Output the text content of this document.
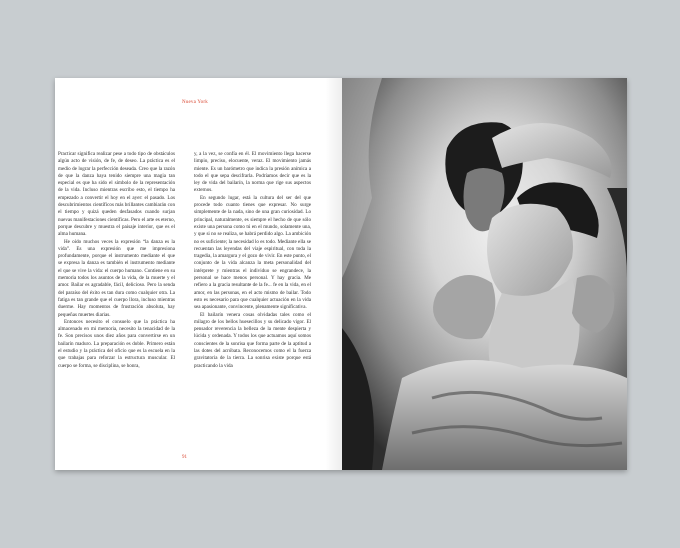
Nueva York

Practicar significa realizar pese a todo tipo de obstáculos algún acto de visión, de fe, de deseo. La práctica es el medio de lograr la perfección deseada. Creo que la razón de que la danza haya tenido siempre una magia tan especial es que ha sido el símbolo de la representación de la vida. Incluso mientras escribo esto, el tiempo ha empezado a convertir el hoy en el ayer: el pasado. Los descubrimientos científicos más brillantes cambiarán con el tiempo y quizá queden desfasados cuando surjan nuevas manifestaciones científicas. Pero el arte es eterno, porque descubre y muestra el paisaje interior, que es el alma humana.

He oído muchos veces la expresión “la danza es la vida”. Es una expresión que me impresiona profundamente, porque el instrumento mediante el que se expresa la danza es también el instrumento mediante el que se vive la vida: el cuerpo humano. Contiene en su memoria todos los asuntos de la vida, de la muerte y el amor. Bailar es agradable, fácil, delicioso. Pero la senda del paraíso del éxito es tan dura como cualquier otra. La fatiga es tan grande que el cuerpo llora, incluso mientras duerme. Hay momentos de frustración absoluta, hay pequeñas muertes diarias.

Entonces necesito el consuelo que la práctica ha almacenado en mi memoria, necesito la tenacidad de la fe. Son precisos unos diez años para convertirse en un bailarín maduro. La preparación es doble. Primero están el estudio y la práctica del oficio que es la escuela en la que trabajas para reforzar la estructura muscular. El cuerpo se forma, se disciplina, se honra,

y, a la vez, se confía en él. El movimiento llega hacerse limpio, preciso, elocuente, veraz. El movimiento jamás miente. Es un barómetro que indica la presión anímica a todo el que sepa descifrarla. Podríamos decir que es la ley de vida del bailarín, la norma que rige sus aspectos externos.

En segundo lugar, está la cultura del ser del que procede todo cuanto tienes que expresar. No surge simplemente de la nada, sino de una gran curiosidad. Lo principal, naturalmente, es siempre el hecho de que sólo existe una persona como tú en el mundo, solamente una, y que si no se realiza, se habrá perdido algo. La ambición no es suficiente; la necesidad lo es todo. Mediante ella se recuentan las leyendas del viaje espiritual, con toda la tragedia, la amargura y el gozo de vivir. En este punto, el conjunto de la vida alcanza la meta personalidad del intérprete y mientras el individuo se engrandece, la personal se hace menos personal. Y hay gracia. Me refiero a la gracia resultante de la fe... fe en la vida, en el amor, en las personas, en el acto mismo de bailar. Todo esto es necesario para que cualquier actuación en la vida sea apasionante, convincente, plenamente significativa.

El bailarín venera cosas olvidadas tales como el milagro de los bellos huesecillos y su delicado vigor. El pensador reverencia la belleza de la mente despierta y lúcida y ordenada. Y todos los que actuamos aquí somos conscientes de la sonrisa que forma parte de la aptitud a las dotes del acróbata. Reconocemos como el la fuerza gravitatoria de la tierra. La sonrisa existe porque está practicando la vida

91
